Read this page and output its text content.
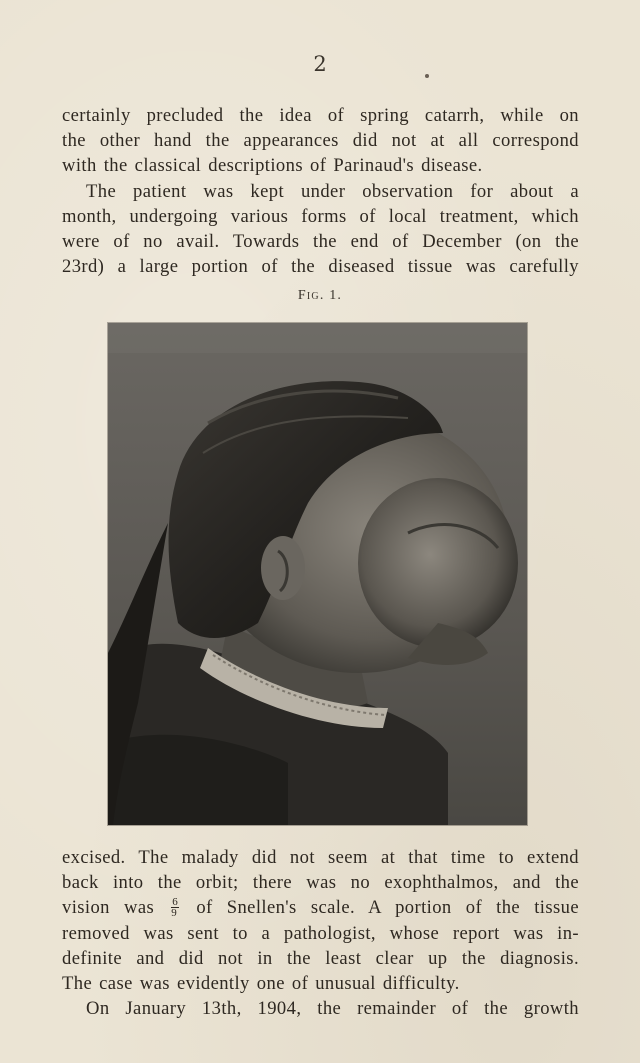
2
certainly precluded the idea of spring catarrh, while on
the other hand the appearances did not at all correspond
with the classical descriptions of Parinaud's disease.
The patient was kept under observation for about a
month, undergoing various forms of local treatment, which
were of no avail. Towards the end of December (on the
23rd) a large portion of the diseased tissue was carefully
Fig. 1.
excised. The malady did not seem at that time to extend
back into the orbit; there was no exophthalmos, and the
vision was $\frac{6}{9}$ of Snellen's scale. A portion of the tissue
removed was sent to a pathologist, whose report was in-
definite and did not in the least clear up the diagnosis.
The case was evidently one of unusual difficulty.
On January 13th, 1904, the remainder of the growth
